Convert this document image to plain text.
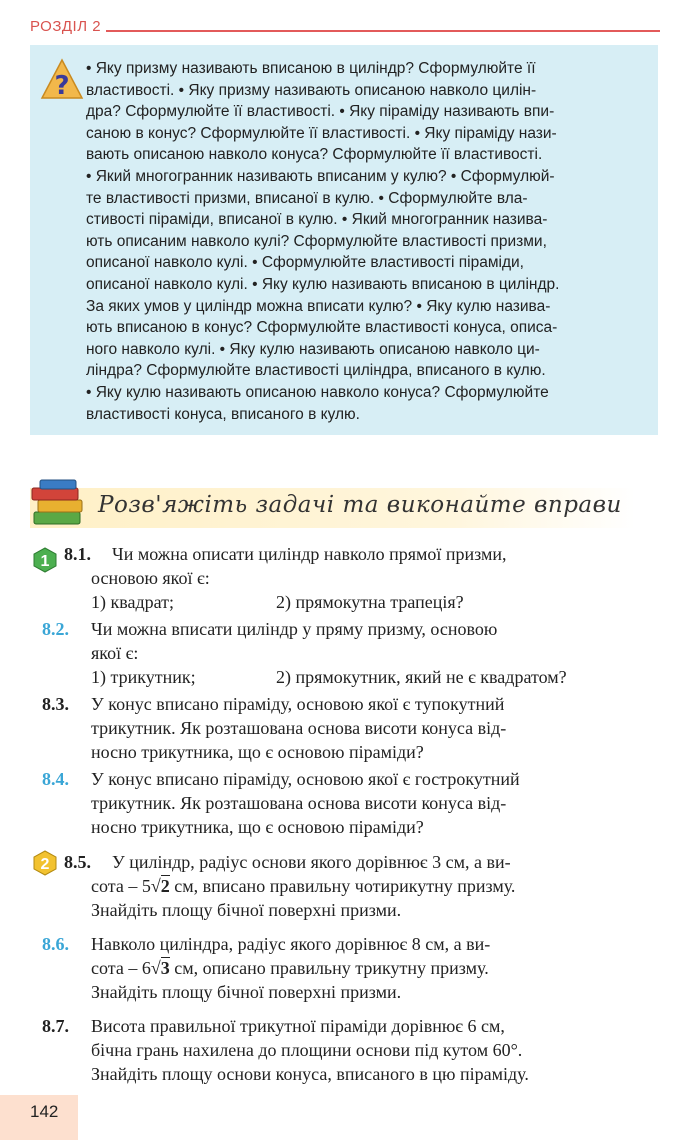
РОЗДІЛ 2
?
• Яку призму називають вписаною в циліндр? Сформулюйте її
властивості. • Яку призму називають описаною навколо цилін-
дра? Сформулюйте її властивості. • Яку піраміду називають впи-
саною в конус? Сформулюйте її властивості. • Яку піраміду нази-
вають описаною навколо конуса? Сформулюйте її властивості.
• Який многогранник називають вписаним у кулю? • Сформулюй-
те властивості призми, вписаної в кулю. • Сформулюйте вла-
стивості піраміди, вписаної в кулю. • Який многогранник назива-
ють описаним навколо кулі? Сформулюйте властивості призми,
описаної навколо кулі. • Сформулюйте властивості піраміди,
описаної навколо кулі. • Яку кулю називають вписаною в циліндр.
За яких умов у циліндр можна вписати кулю? • Яку кулю назива-
ють вписаною в конус? Сформулюйте властивості конуса, описа-
ного навколо кулі. • Яку кулю називають описаною навколо ци-
ліндра? Сформулюйте властивості циліндра, вписаного в кулю.
• Яку кулю називають описаною навколо конуса? Сформулюйте
властивості конуса, вписаного в кулю.
Розв'яжіть задачі та виконайте вправи
1
2
8.1. Чи можна описати циліндр навколо прямої призми,
основою якої є:
1) квадрат;	2) прямокутна трапеція?
8.2. Чи можна вписати циліндр у пряму призму, основою
якої є:
1) трикутник;	2) прямокутник, який не є квадратом?
8.3. У конус вписано піраміду, основою якої є тупокутний
трикутник. Як розташована основа висоти конуса від-
носно трикутника, що є основою піраміди?
8.4. У конус вписано піраміду, основою якої є гострокутний
трикутник. Як розташована основа висоти конуса від-
носно трикутника, що є основою піраміди?
8.5. У циліндр, радіус основи якого дорівнює 3 см, а ви-
сота – 5√2 см, вписано правильну чотирикутну призму.
Знайдіть площу бічної поверхні призми.
8.6. Навколо циліндра, радіус якого дорівнює 8 см, а ви-
сота – 6√3 см, описано правильну трикутну призму.
Знайдіть площу бічної поверхні призми.
8.7. Висота правильної трикутної піраміди дорівнює 6 см,
бічна грань нахилена до площини основи під кутом 60°.
Знайдіть площу основи конуса, вписаного в цю піраміду.
142
